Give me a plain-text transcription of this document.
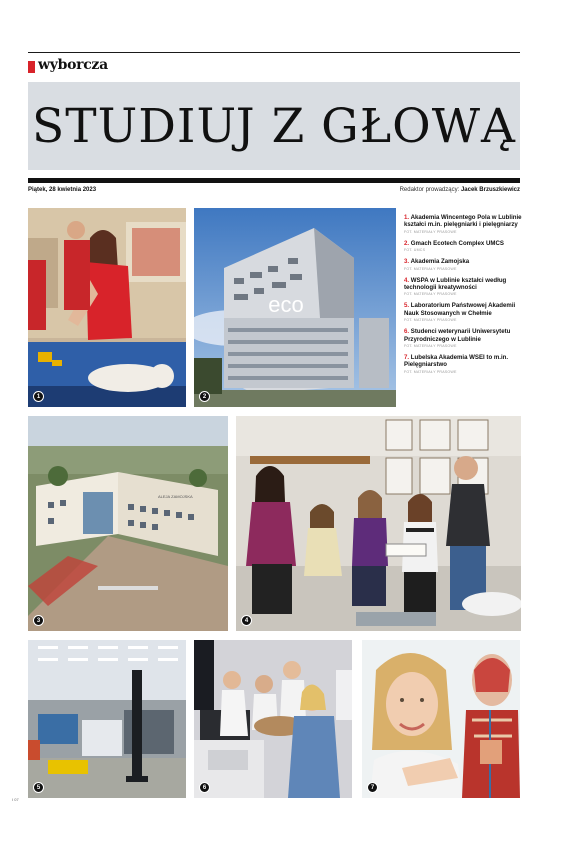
wyborcza
STUDIUJ Z GŁOWĄ
Piątek, 28 kwietnia 2023	Redaktor prowadzący: Jacek Brzuszkiewicz
1
eco
2
1. Akademia Wincentego Pola w Lublinie kształci m.in. pielęgniarki i pielęgniarzy
FOT. MATERIAŁY PRASOWE
2. Gmach Ecotech Complex UMCS
FOT. UMCS
3. Akademia Zamojska
FOT. MATERIAŁY PRASOWE
4. WSPA w Lublinie kształci według technologii kreatywności
FOT. MATERIAŁY PRASOWE
5. Laboratorium Państwowej Akademii Nauk Stosowanych w Chełmie
FOT. MATERIAŁY PRASOWE
6. Studenci weterynarii Uniwersytetu Przyrodniczego w Lublinie
FOT. MATERIAŁY PRASOWE
7. Lubelska Akademia WSEI to m.in. Pielęgniarstwo
FOT. MATERIAŁY PRASOWE
ALEJA ZAMOJSKA
3	4
5	6	7
I 07
